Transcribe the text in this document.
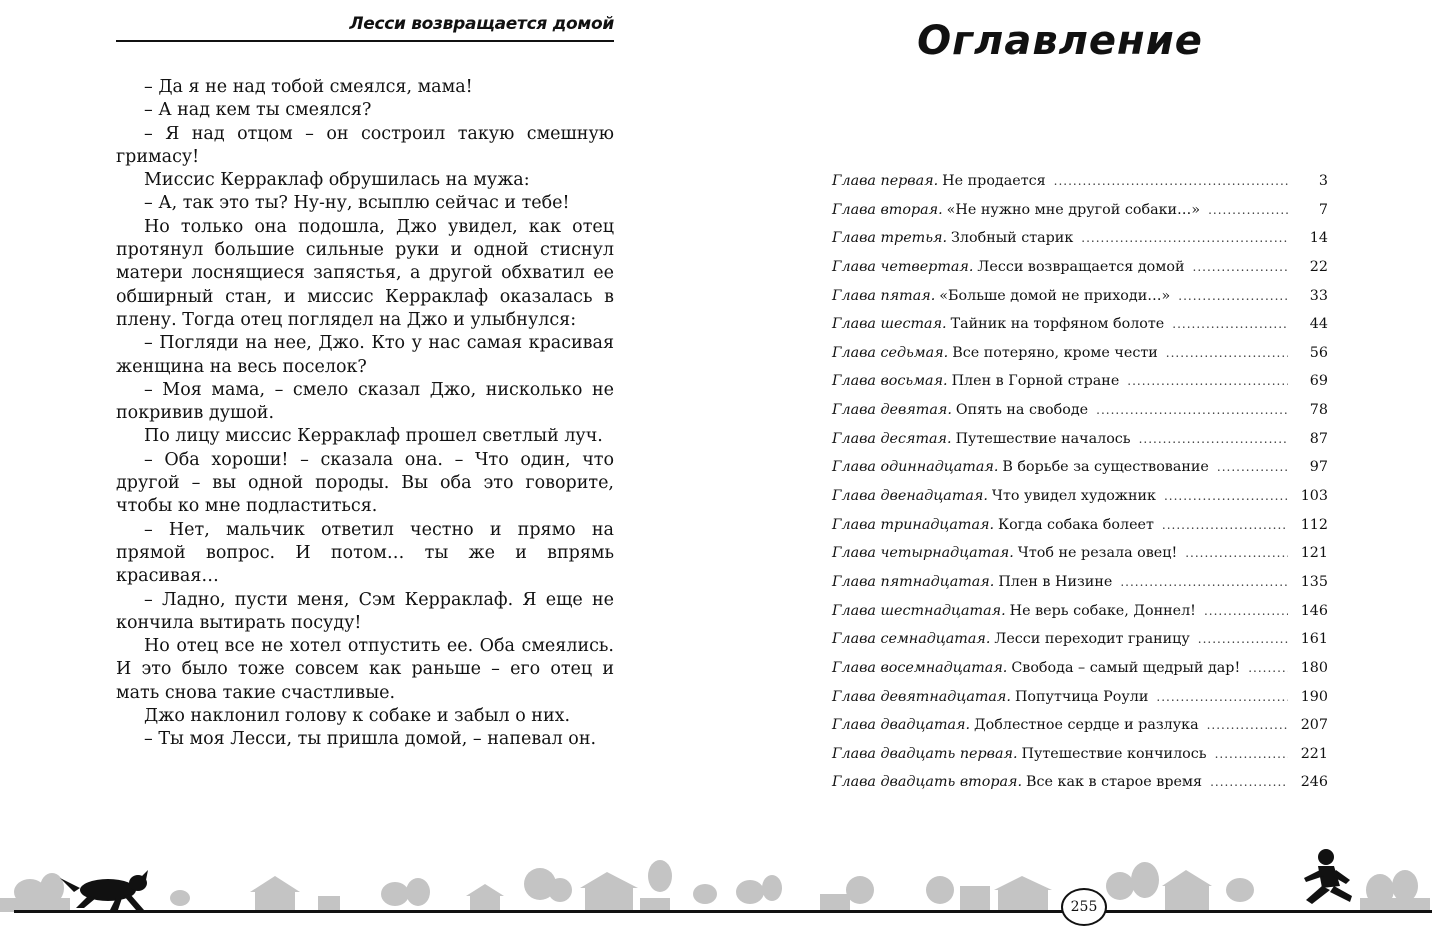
Лесси возвращается домой

– Да я не над тобой смеялся, мама!

– А над кем ты смеялся?

– Я над отцом – он состроил такую смешную гримасу!

Миссис Керраклаф обрушилась на мужа:

– А, так это ты? Ну-ну, всыплю сейчас и тебе!

Но только она подошла, Джо увидел, как отец протянул большие сильные руки и одной стиснул матери лоснящиеся запястья, а другой обхватил ее обширный стан, и миссис Керраклаф оказалась в плену. Тогда отец поглядел на Джо и улыбнулся:

– Погляди на нее, Джо. Кто у нас самая красивая женщина на весь поселок?

– Моя мама, – смело сказал Джо, нисколько не покривив душой.

По лицу миссис Керраклаф прошел светлый луч.

– Оба хороши! – сказала она. – Что один, что другой – вы одной породы. Вы оба это говорите, чтобы ко мне подластиться.

– Нет, мальчик ответил честно и прямо на прямой вопрос. И потом… ты же и впрямь красивая…

– Ладно, пусти меня, Сэм Керраклаф. Я еще не кончила вытирать посуду!

Но отец все не хотел отпустить ее. Оба смеялись. И это было тоже совсем как раньше – его отец и мать снова такие счастливые.

Джо наклонил голову к собаке и забыл о них.

– Ты моя Лесси, ты пришла домой, – напевал он.

Оглавление
Глава первая. Не продается .....	3
Глава вторая. «Не нужно мне другой собаки…» .....	7
Глава третья. Злобный старик .....	14
Глава четвертая. Лесси возвращается домой .....	22
Глава пятая. «Больше домой не приходи…» .....	33
Глава шестая. Тайник на торфяном болоте .....	44
Глава седьмая. Все потеряно, кроме чести .....	56
Глава восьмая. Плен в Горной стране .....	69
Глава девятая. Опять на свободе .....	78
Глава десятая. Путешествие началось .....	87
Глава одиннадцатая. В борьбе за существование .....	97
Глава двенадцатая. Что увидел художник .....	103
Глава тринадцатая. Когда собака болеет .....	112
Глава четырнадцатая. Чтоб не резала овец! .....	121
Глава пятнадцатая. Плен в Низине .....	135
Глава шестнадцатая. Не верь собаке, Доннел! .....	146
Глава семнадцатая. Лесси переходит границу .....	161
Глава восемнадцатая. Свобода – самый щедрый дар! .....	180
Глава девятнадцатая. Попутчица Роули .....	190
Глава двадцатая. Доблестное сердце и разлука .....	207
Глава двадцать первая. Путешествие кончилось .....	221
Глава двадцать вторая. Все как в старое время .....	246
255
